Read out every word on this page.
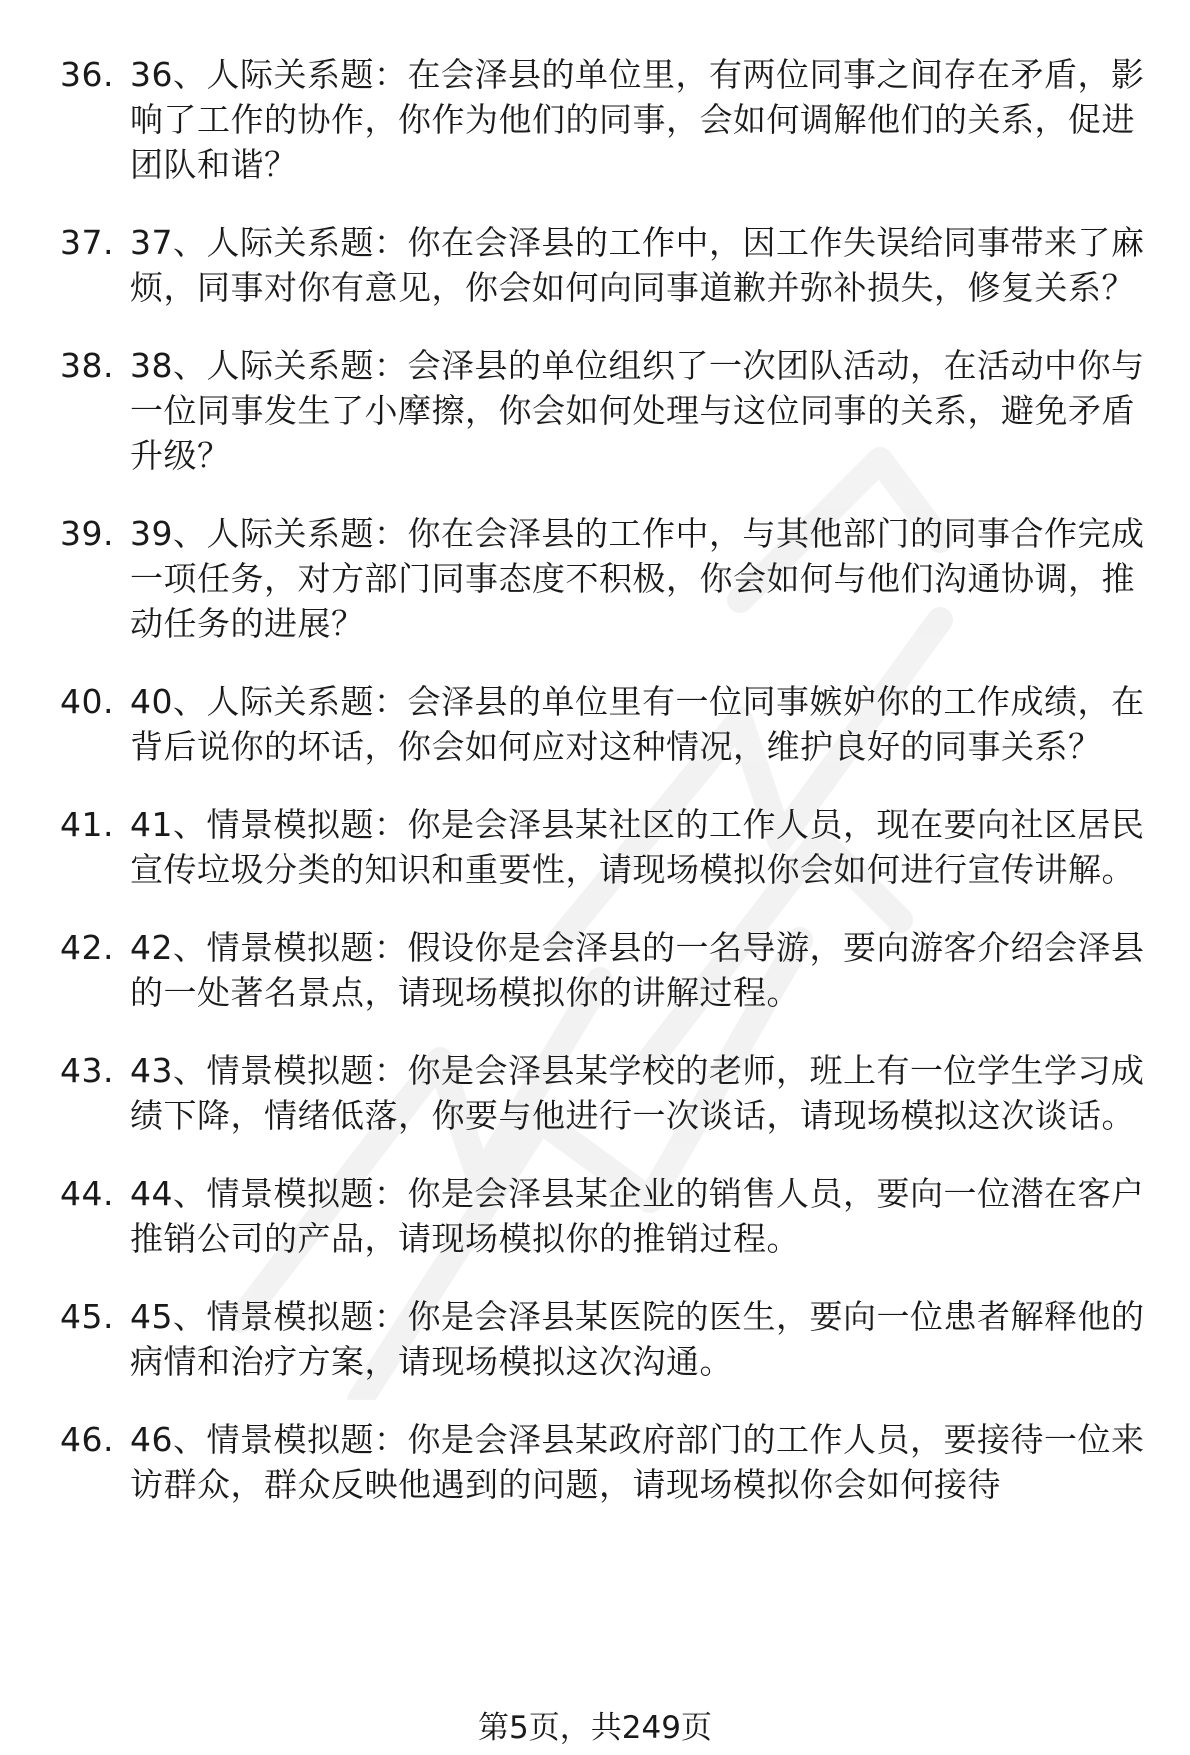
36. 36、人际关系题：在会泽县的单位里，有两位同事之间存在矛盾，影响了工作的协作，你作为他们的同事，会如何调解他们的关系，促进团队和谐？
37. 37、人际关系题：你在会泽县的工作中，因工作失误给同事带来了麻烦，同事对你有意见，你会如何向同事道歉并弥补损失，修复关系？
38. 38、人际关系题：会泽县的单位组织了一次团队活动，在活动中你与一位同事发生了小摩擦，你会如何处理与这位同事的关系，避免矛盾升级？
39. 39、人际关系题：你在会泽县的工作中，与其他部门的同事合作完成一项任务，对方部门同事态度不积极，你会如何与他们沟通协调，推动任务的进展？
40. 40、人际关系题：会泽县的单位里有一位同事嫉妒你的工作成绩，在背后说你的坏话，你会如何应对这种情况，维护良好的同事关系？
41. 41、情景模拟题：你是会泽县某社区的工作人员，现在要向社区居民宣传垃圾分类的知识和重要性，请现场模拟你会如何进行宣传讲解。
42. 42、情景模拟题：假设你是会泽县的一名导游，要向游客介绍会泽县的一处著名景点，请现场模拟你的讲解过程。
43. 43、情景模拟题：你是会泽县某学校的老师，班上有一位学生学习成绩下降，情绪低落，你要与他进行一次谈话，请现场模拟这次谈话。
44. 44、情景模拟题：你是会泽县某企业的销售人员，要向一位潜在客户推销公司的产品，请现场模拟你的推销过程。
45. 45、情景模拟题：你是会泽县某医院的医生，要向一位患者解释他的病情和治疗方案，请现场模拟这次沟通。
46. 46、情景模拟题：你是会泽县某政府部门的工作人员，要接待一位来访群众，群众反映他遇到的问题，请现场模拟你会如何接待
第5页，共249页
